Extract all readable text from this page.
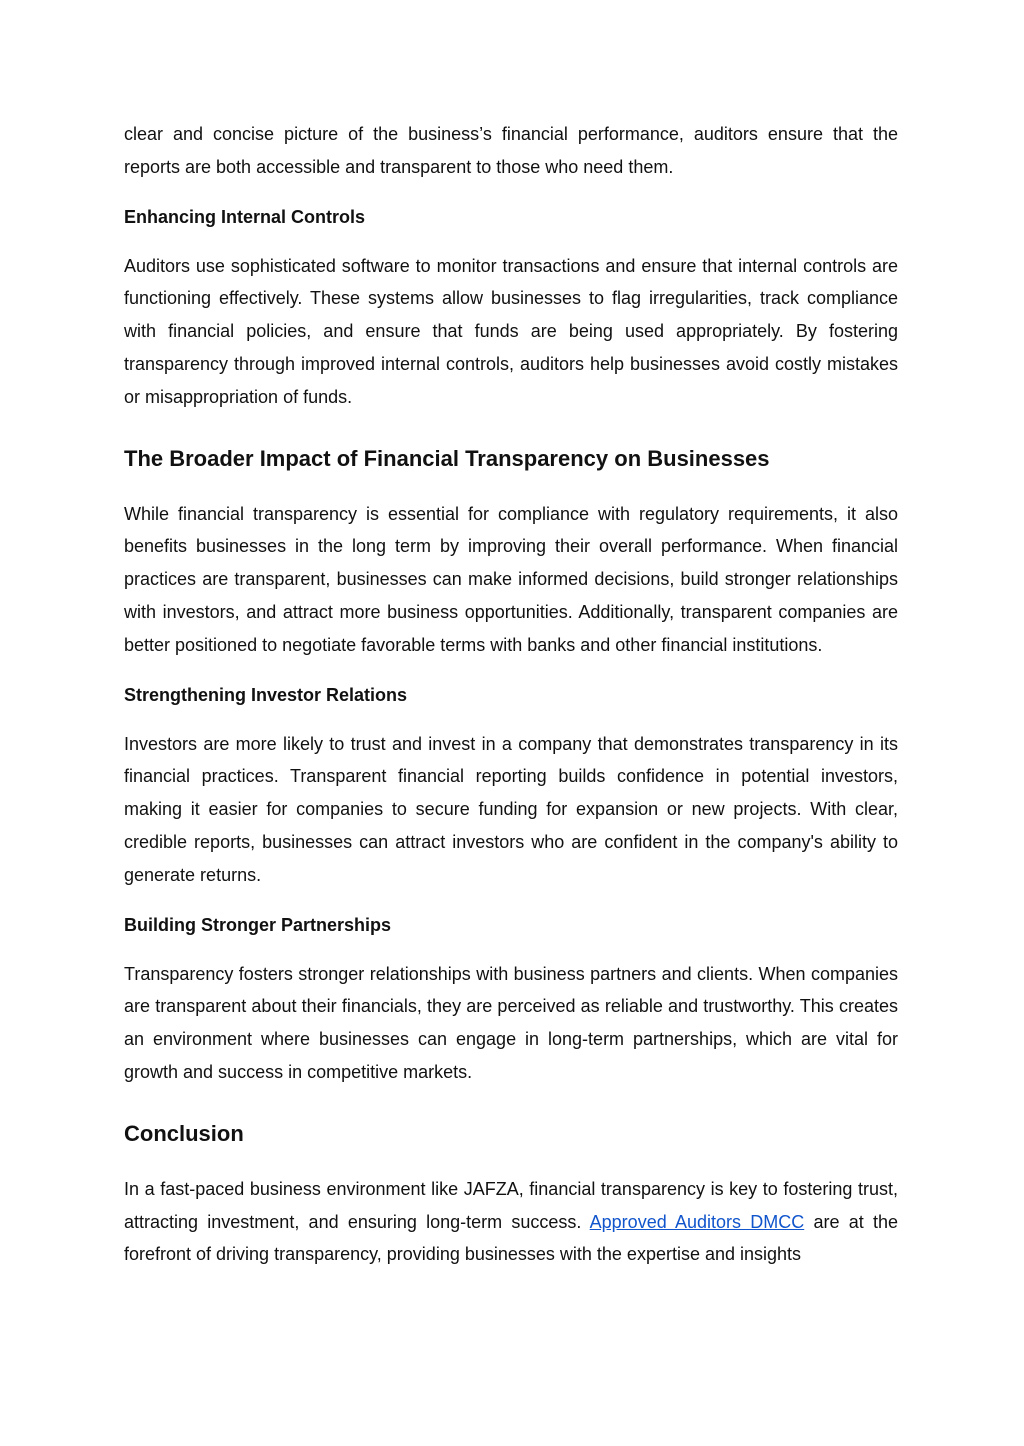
clear and concise picture of the business’s financial performance, auditors ensure that the reports are both accessible and transparent to those who need them.

Enhancing Internal Controls

Auditors use sophisticated software to monitor transactions and ensure that internal controls are functioning effectively. These systems allow businesses to flag irregularities, track compliance with financial policies, and ensure that funds are being used appropriately. By fostering transparency through improved internal controls, auditors help businesses avoid costly mistakes or misappropriation of funds.

The Broader Impact of Financial Transparency on Businesses

While financial transparency is essential for compliance with regulatory requirements, it also benefits businesses in the long term by improving their overall performance. When financial practices are transparent, businesses can make informed decisions, build stronger relationships with investors, and attract more business opportunities. Additionally, transparent companies are better positioned to negotiate favorable terms with banks and other financial institutions.

Strengthening Investor Relations

Investors are more likely to trust and invest in a company that demonstrates transparency in its financial practices. Transparent financial reporting builds confidence in potential investors, making it easier for companies to secure funding for expansion or new projects. With clear, credible reports, businesses can attract investors who are confident in the company's ability to generate returns.

Building Stronger Partnerships

Transparency fosters stronger relationships with business partners and clients. When companies are transparent about their financials, they are perceived as reliable and trustworthy. This creates an environment where businesses can engage in long-term partnerships, which are vital for growth and success in competitive markets.

Conclusion

In a fast-paced business environment like JAFZA, financial transparency is key to fostering trust, attracting investment, and ensuring long-term success. Approved Auditors DMCC are at the forefront of driving transparency, providing businesses with the expertise and insights
